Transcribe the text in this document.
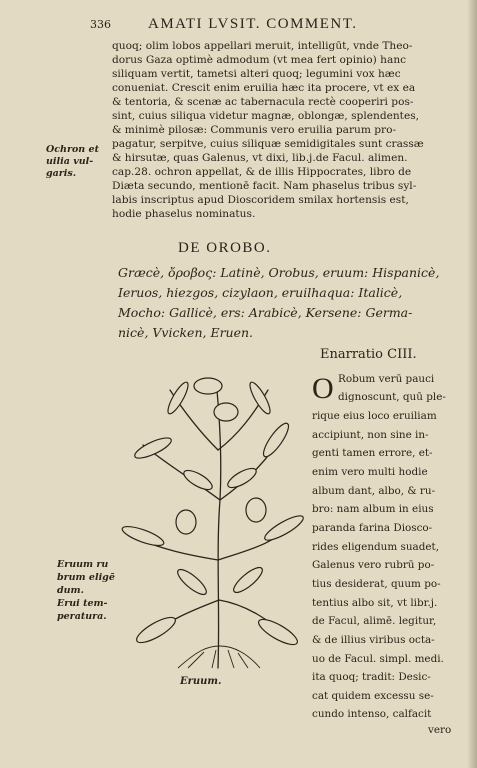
336 AMATI LVSIT. COMMENT.
quoq; olim lobos appellari meruit, intelligūt, vnde Theo-
dorus Gaza optimè admodum (vt mea fert opinio) hanc
siliquam vertit, tametsi alteri quoq; legumini vox hæc
conueniat. Crescit enim eruilia hæc ita procere, vt ex ea
& tentoria, & scenæ ac tabernacula rectè cooperiri pos-
sint, cuius siliqua videtur magnæ, oblongæ, splendentes,
& minimè pilosæ: Communis vero eruilia parum pro-
pagatur, serpitve, cuius siliquæ semidigitales sunt crassæ
& hirsutæ, quas Galenus, vt dixi, lib.j.de Facul. alimen.
cap.28. ochron appellat, & de illis Hippocrates, libro de
Diæta secundo, mentionē facit. Nam phaselus tribus syl-
labis inscriptus apud Dioscoridem smilax hortensis est,
hodie phaselus nominatus.
Ochron et
uilia vul-
garis.
DE OROBO.
Græcè, ὄροβος: Latinè, Orobus, eruum: Hispanicè,
Ieruos, hiezgos, cizylaon, eruilhaqua: Italicè,
Mocho: Gallicè, ers: Arabicè, Kersene: Germa-
nicè, Vvicken, Eruen.
Enarratio CIII.
Eruum ru
brum eligē
dum.
Erui tem-
peratura.
O Robum verū pauci
dignoscunt, quū ple-
rique eius loco eruiliam
accipiunt, non sine in-
genti tamen errore, et-
enim vero multi hodie
album dant, albo, & ru-
bro: nam album in eius
paranda farina Diosco-
rides eligendum suadet,
Galenus vero rubrū po-
tius desiderat, quum po-
tentius albo sit, vt libr.j.
de Facul, alimē. legitur,
& de illius viribus octa-
uo de Facul. simpl. medi.
ita quoq; tradit: Desic-
cat quidem excessu se-
cundo intenso, calfacit
Eruum.
vero
